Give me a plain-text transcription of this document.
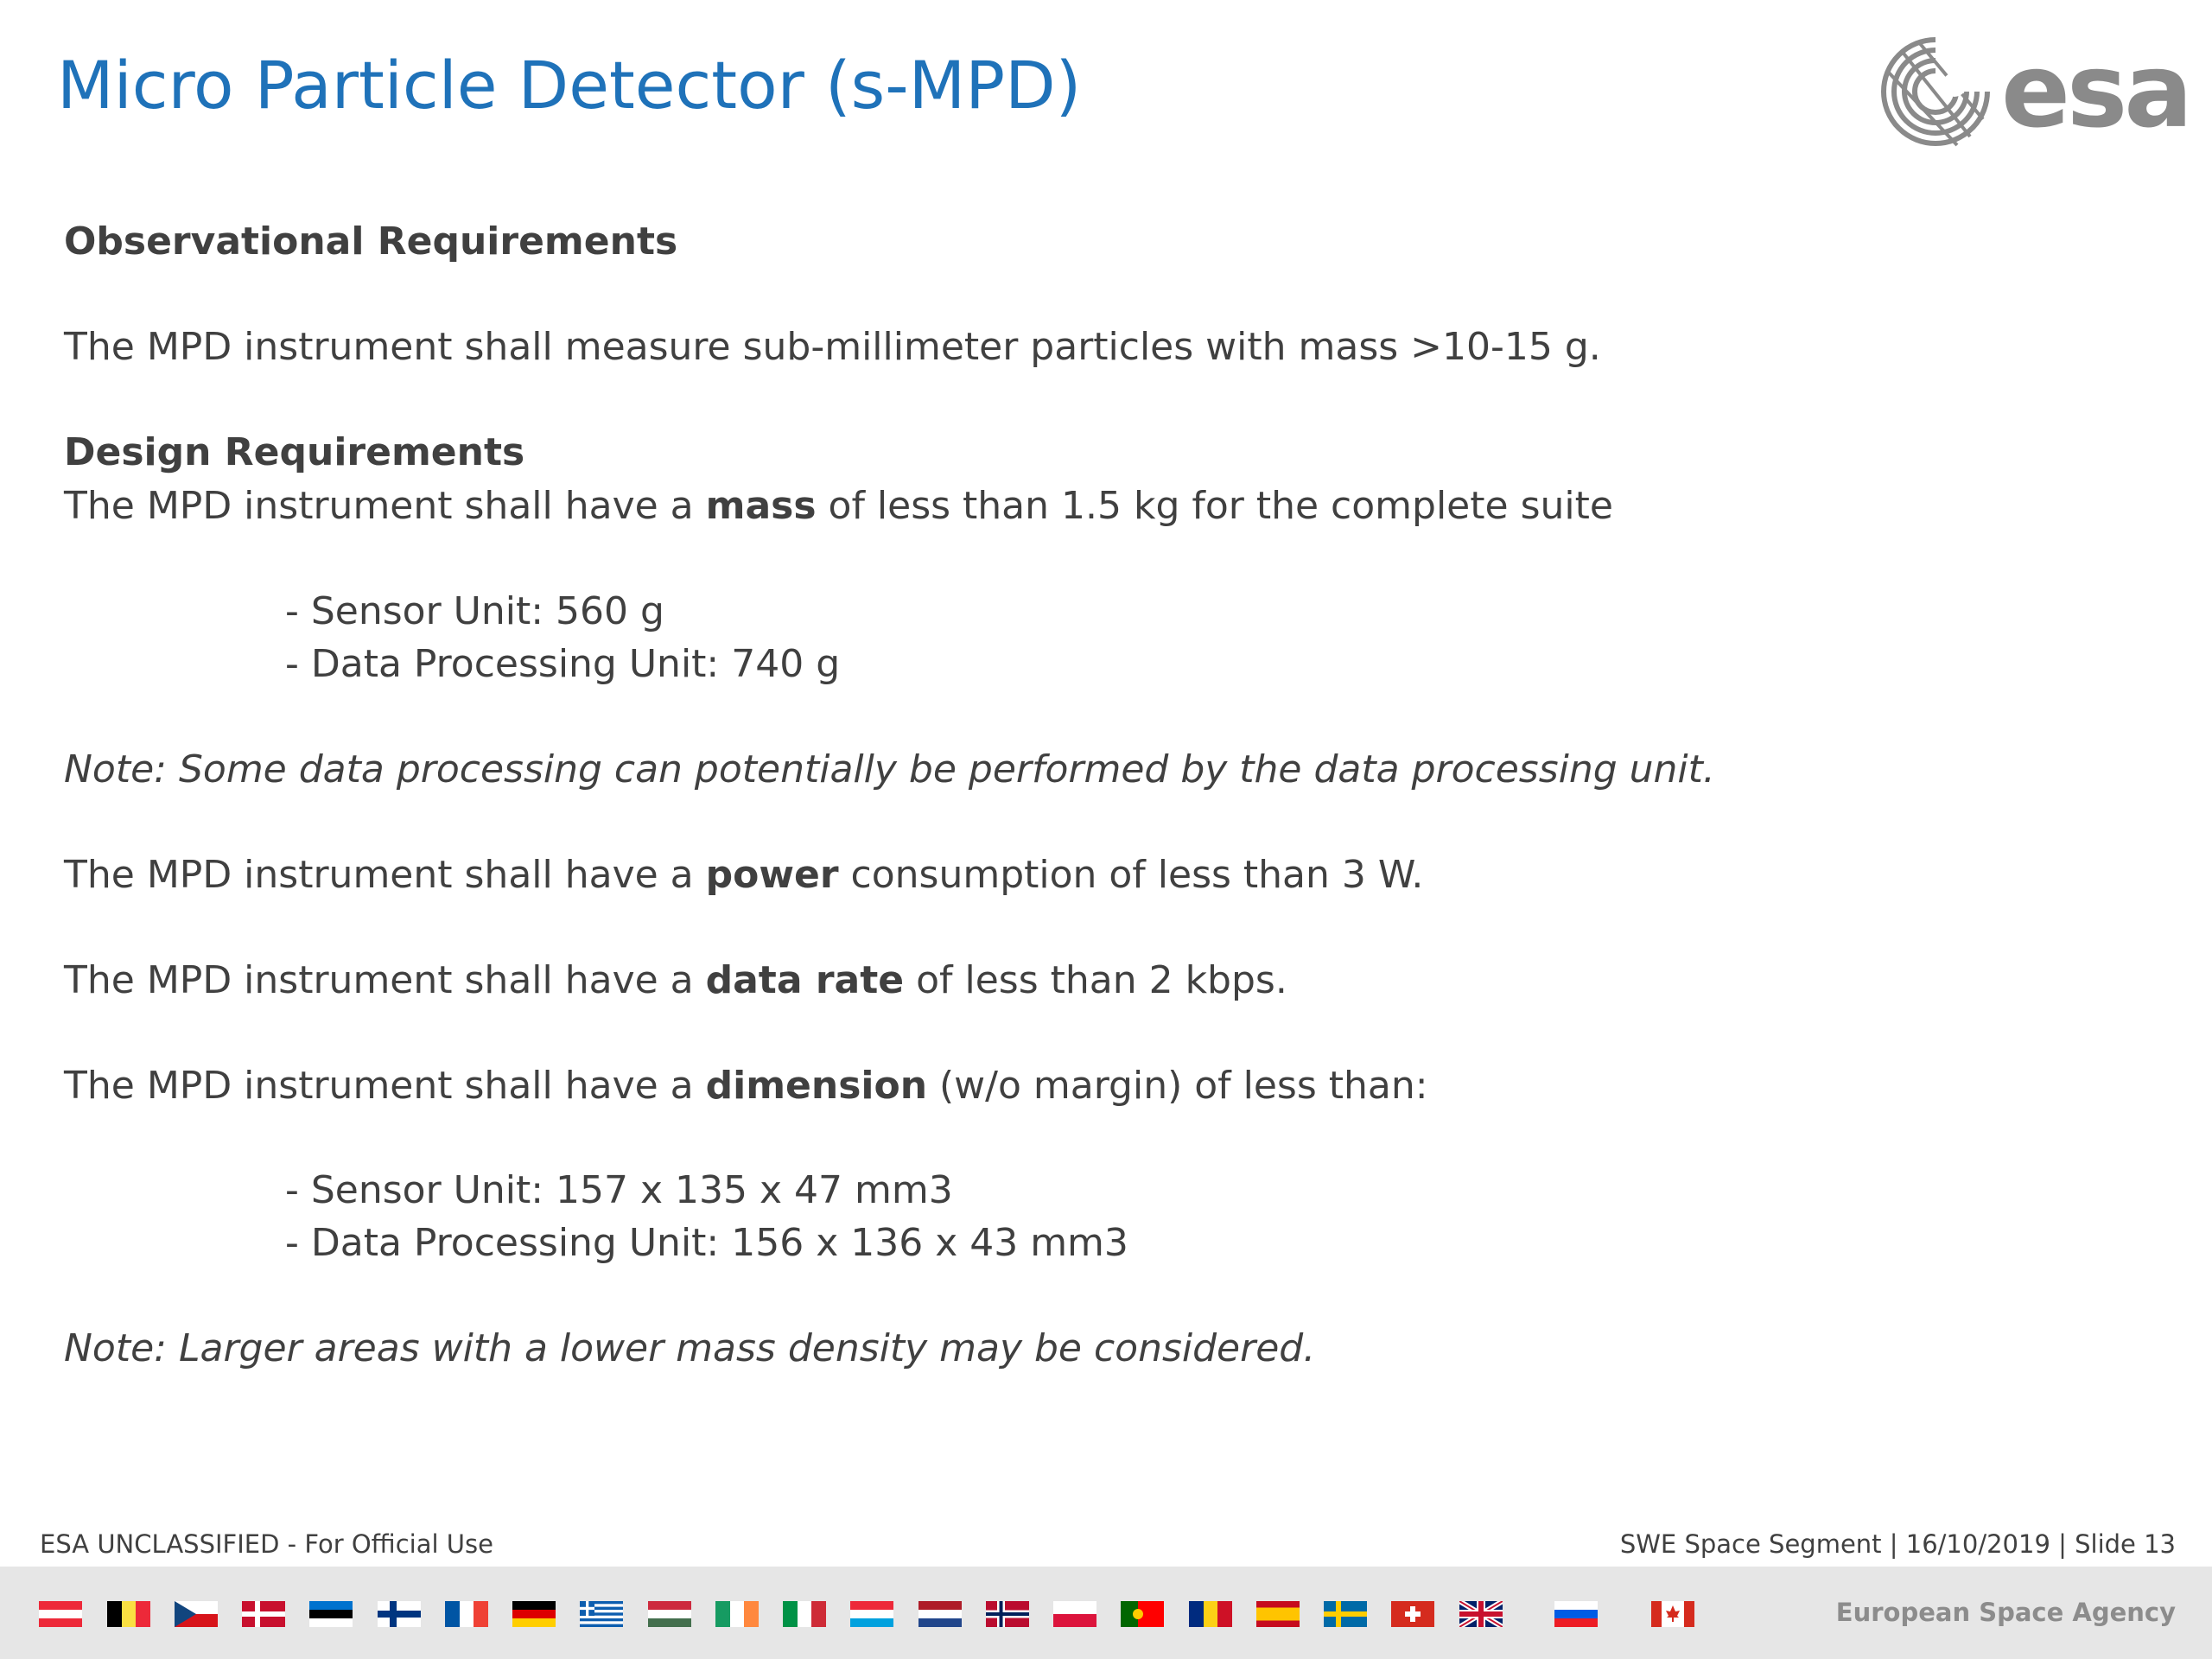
Micro Particle Detector (s-MPD)	esa
Observational Requirements
The MPD instrument shall measure sub-millimeter particles with mass >10-15 g.
Design Requirements
The MPD instrument shall have a mass of less than 1.5 kg for the complete suite
- Sensor Unit: 560 g
- Data Processing Unit: 740 g
Note: Some data processing can potentially be performed by the data processing unit.
The MPD instrument shall have a power consumption of less than 3 W.
The MPD instrument shall have a data rate of less than 2 kbps.
The MPD instrument shall have a dimension (w/o margin) of less than:
- Sensor Unit: 157 x 135 x 47 mm3
- Data Processing Unit: 156 x 136 x 43 mm3
Note: Larger areas with a lower mass density may be considered.
ESA UNCLASSIFIED - For Official Use	SWE Space Segment | 16/10/2019 | Slide 13
European Space Agency
